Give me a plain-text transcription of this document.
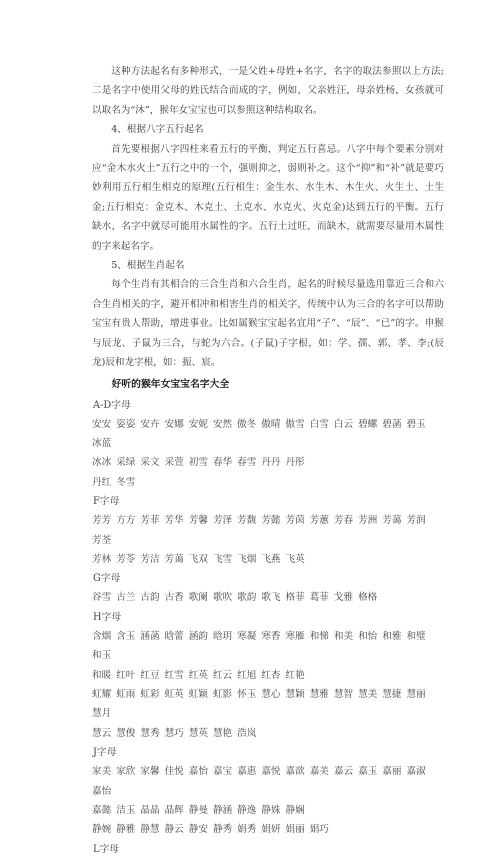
这种方法起名有多种形式，一是父姓+母姓+名字，名字的取法参照以上方法;二是名字中使用父母的姓氏结合而成的字，例如，父亲姓汪，母亲姓杨，女孩就可以取名为“沐”，猴年女宝宝也可以参照这种结构取名。

4、根据八字五行起名

首先要根据八字四柱来看五行的平衡，判定五行喜忌。八字中每个要素分别对应“金木水火土”五行之中的一个，强则抑之，弱则补之。这个“抑”和“补”就是要巧妙利用五行相生相克的原理(五行相生：金生水、水生木、木生火、火生土、土生金;五行相克：金克木、木克土、土克水、水克火、火克金)达到五行的平衡。五行缺水，名字中就尽可能用水属性的字。五行土过旺，而缺木，就需要尽量用木属性的字来起名字。

5、根据生肖起名

每个生肖有其相合的三合生肖和六合生肖，起名的时候尽量选用靠近三合和六合生肖相关的字，避开相冲和相害生肖的相关字，传统中认为三合的名字可以帮助宝宝有贵人帮助，增进事业。比如属猴宝宝起名宜用“子”、“辰”、“已”的字。申猴与辰龙、子鼠为三合，与蛇为六合。(子鼠)子字根，如：学、孺、郭、孝、李;(辰龙)辰和龙字根，如：振、宸。

好听的猴年女宝宝名字大全

A-D字母

安安 姿姿 安卉 安娜 安妮 安然 傲冬 傲晴 傲雪 白雪 白云 碧螺 碧菡 碧玉冰蓝

冰冰 采绿 采文 采萱 初雪 春华 春雪 丹丹 丹彤

丹红 冬雪

F字母

芳芳 方方 芳菲 芳华 芳馨 芳泽 芳馥 芳懿 芳茵 芳蕙 芳春 芳洲 芳蔼 芳润芳荃

芳林 芳苓 芳洁 芳蔼 飞双 飞雪 飞烟 飞燕 飞英

G字母

谷雪 古兰 古韵 古香 歌阑 歌吹 歌韵 歌飞 格菲 葛菲 戈雅 格格

H字母

含烟 含玉 涵菡 晗蕾 涵韵 晗玥 寒凝 寒香 寒雁 和悌 和美 和怡 和雅 和璧和玉

和暖 红叶 红豆 红雪 红英 红云 红旭 红杏 红艳

虹耀 虹雨 虹彩 虹英 虹颖 虹影 怀玉 慧心 慧颖 慧雅 慧智 慧美 慧捷 慧丽慧月

慧云 慧俊 慧秀 慧巧 慧英 慧艳 浩岚

J字母

家美 家欣 家馨 佳悦 嘉怡 嘉宝 嘉惠 嘉悦 嘉歆 嘉美 嘉云 嘉玉 嘉丽 嘉淑嘉怡

嘉懿 洁玉 晶晶 晶辉 静曼 静涵 静逸 静姝 静娴

静婉 静雅 静慧 静云 静安 静秀 娟秀 娟妍 娟丽 娟巧

L字母
